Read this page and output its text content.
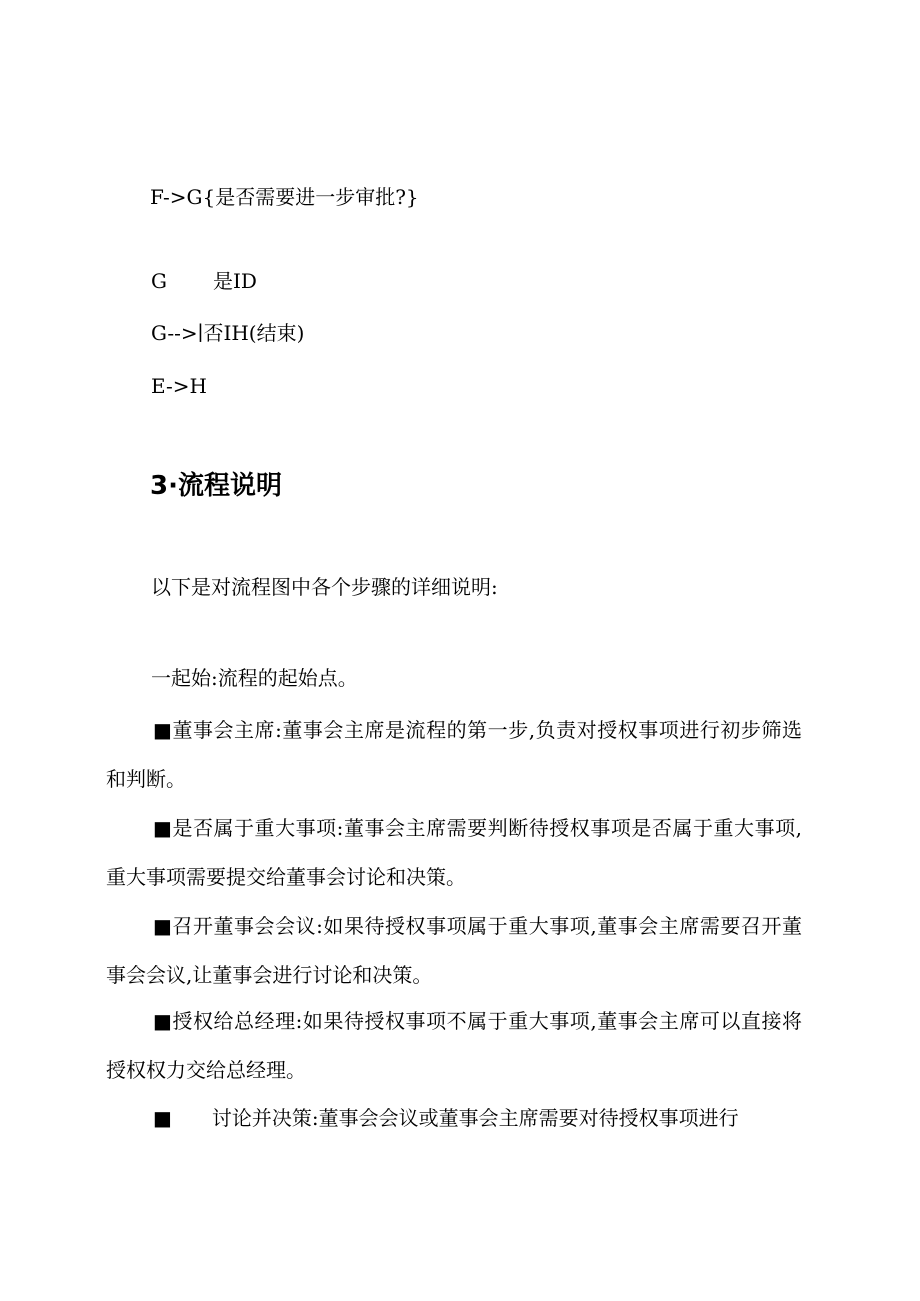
F->G{是否需要进一步审批?}

G 是ID

G-->∣否IH(结束)

E->H

3·流程说明

以下是对流程图中各个步骤的详细说明:

一起始:流程的起始点。

■董事会主席:董事会主席是流程的第一步,负责对授权事项进行初步筛选和判断。

■是否属于重大事项:董事会主席需要判断待授权事项是否属于重大事项,重大事项需要提交给董事会讨论和决策。

■召开董事会会议:如果待授权事项属于重大事项,董事会主席需要召开董事会会议,让董事会进行讨论和决策。

■授权给总经理:如果待授权事项不属于重大事项,董事会主席可以直接将授权权力交给总经理。

■ 讨论并决策:董事会会议或董事会主席需要对待授权事项进行
